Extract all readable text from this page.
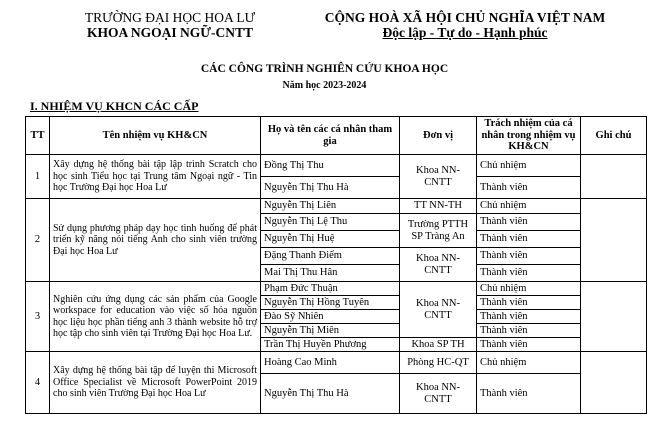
TRƯỜNG ĐẠI HỌC HOA LƯ
KHOA NGOẠI NGỮ-CNTT
CỘNG HOÀ XÃ HỘI CHỦ NGHĨA VIỆT NAM
Độc lập - Tự do - Hạnh phúc
CÁC CÔNG TRÌNH NGHIÊN CỨU KHOA HỌC
Năm học 2023-2024
I. NHIỆM VỤ KHCN CÁC CẤP
TT	Tên nhiệm vụ KH&CN	Họ và tên các cá nhân tham gia	Đơn vị	Trách nhiệm của cá nhân trong nhiệm vụ KH&CN	Ghi chú
1	Xây dựng hệ thống bài tập lập trình Scratch cho học sinh Tiểu học tại Trung tâm Ngoại ngữ - Tin học Trường Đại học Hoa Lư	Đồng Thị Thu	Khoa NN-CNTT	Chủ nhiệm	
		Nguyễn Thị Thu Hà		Thành viên	
2	Sử dụng phương pháp dạy học tình huống để phát triển kỹ năng nói tiếng Anh cho sinh viên trường Đại học Hoa Lư	Nguyễn Thị Liên	TT NN-TH	Chủ nhiệm	
		Nguyễn Thị Lệ Thu	Trường PTTH SP Tràng An	Thành viên	
		Nguyễn Thị Huệ		Thành viên	
		Đặng Thanh Điểm	Khoa NN-CNTT	Thành viên	
		Mai Thị Thu Hân		Thành viên	
3	Nghiên cứu ứng dụng các sản phẩm của Google workspace for education vào việc số hóa nguồn học liệu học phần tiếng anh 3 thành website hỗ trợ học tập cho sinh viên tại Trường Đại học Hoa Lư.	Phạm Đức Thuận	Khoa NN-CNTT	Chủ nhiệm	
		Nguyễn Thị Hồng Tuyên		Thành viên	
		Đào Sỹ Nhiên		Thành viên	
		Nguyễn Thị Miên		Thành viên	
		Trần Thị Huyền Phương	Khoa SP TH	Thành viên	
4	Xây dựng hệ thống bài tập để luyện thi Microsoft Office Specialist về Microsoft PowerPoint 2019 cho sinh viên Trường Đại học Hoa Lư	Hoàng Cao Minh	Phòng HC-QT	Chủ nhiệm	
		Nguyễn Thị Thu Hà	Khoa NN-CNTT	Thành viên	
